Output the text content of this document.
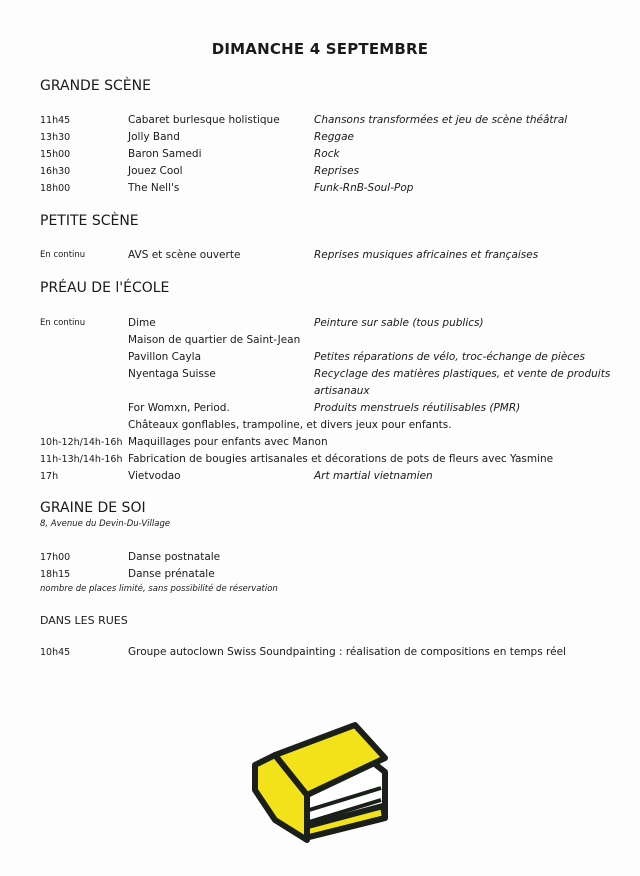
DIMANCHE 4 SEPTEMBRE
GRANDE SCÈNE
11h45	Cabaret burlesque holistique	Chansons transformées et jeu de scène théâtral
13h30	Jolly Band	Reggae
15h00	Baron Samedi	Rock
16h30	Jouez Cool	Reprises
18h00	The Nell's	Funk-RnB-Soul-Pop
PETITE SCÈNE
En continu	AVS et scène ouverte	Reprises musiques africaines et françaises
PRÉAU DE l'ÉCOLE
En continu	Dime	Peinture sur sable (tous publics)
Maison de quartier de Saint-Jean
Pavillon Cayla	Petites réparations de vélo, troc-échange de pièces
Nyentaga Suisse	Recyclage des matières plastiques, et vente de produits
artisanaux
For Womxn, Period.	Produits menstruels réutilisables (PMR)
Châteaux gonflables, trampoline, et divers jeux pour enfants.
10h-12h/14h-16h Maquillages pour enfants avec Manon
11h-13h/14h-16h Fabrication de bougies artisanales et décorations de pots de fleurs avec Yasmine
17h	Vietvodao	Art martial vietnamien
GRAINE DE SOI
8, Avenue du Devin-Du-Village
17h00	Danse postnatale
18h15	Danse prénatale
nombre de places limité, sans possibilité de réservation
DANS LES RUES
10h45	Groupe autoclown Swiss Soundpainting : réalisation de compositions en temps réel
